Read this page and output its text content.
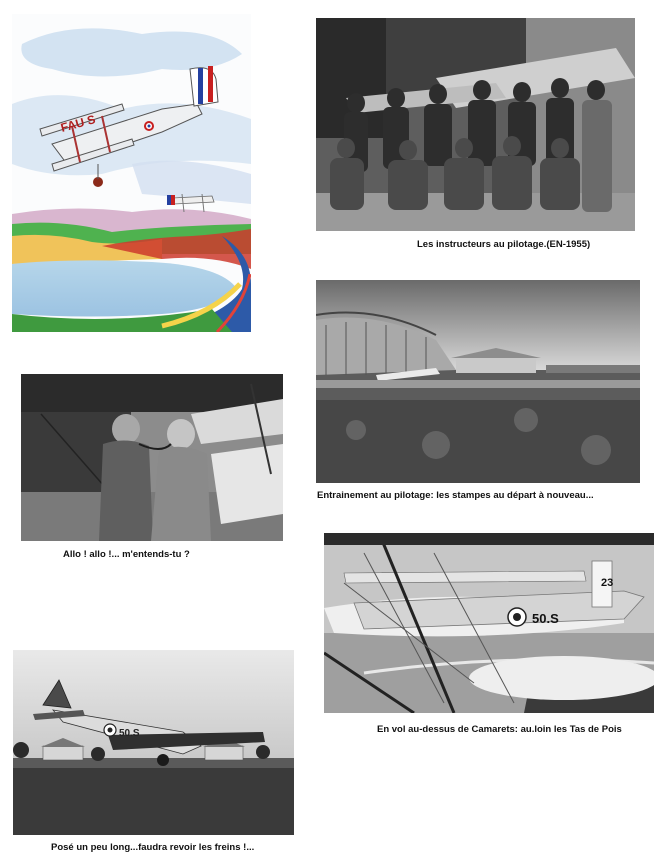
FAU S
Les instructeurs au pilotage.(EN-1955)
Entrainement au pilotage: les stampes au départ à nouveau...
Allo ! allo !... m'entends-tu ?
50.S
23
En vol au-dessus de Camarets: au.loin les Tas de Pois
50.S
Posé un peu long...faudra revoir les freins !...
